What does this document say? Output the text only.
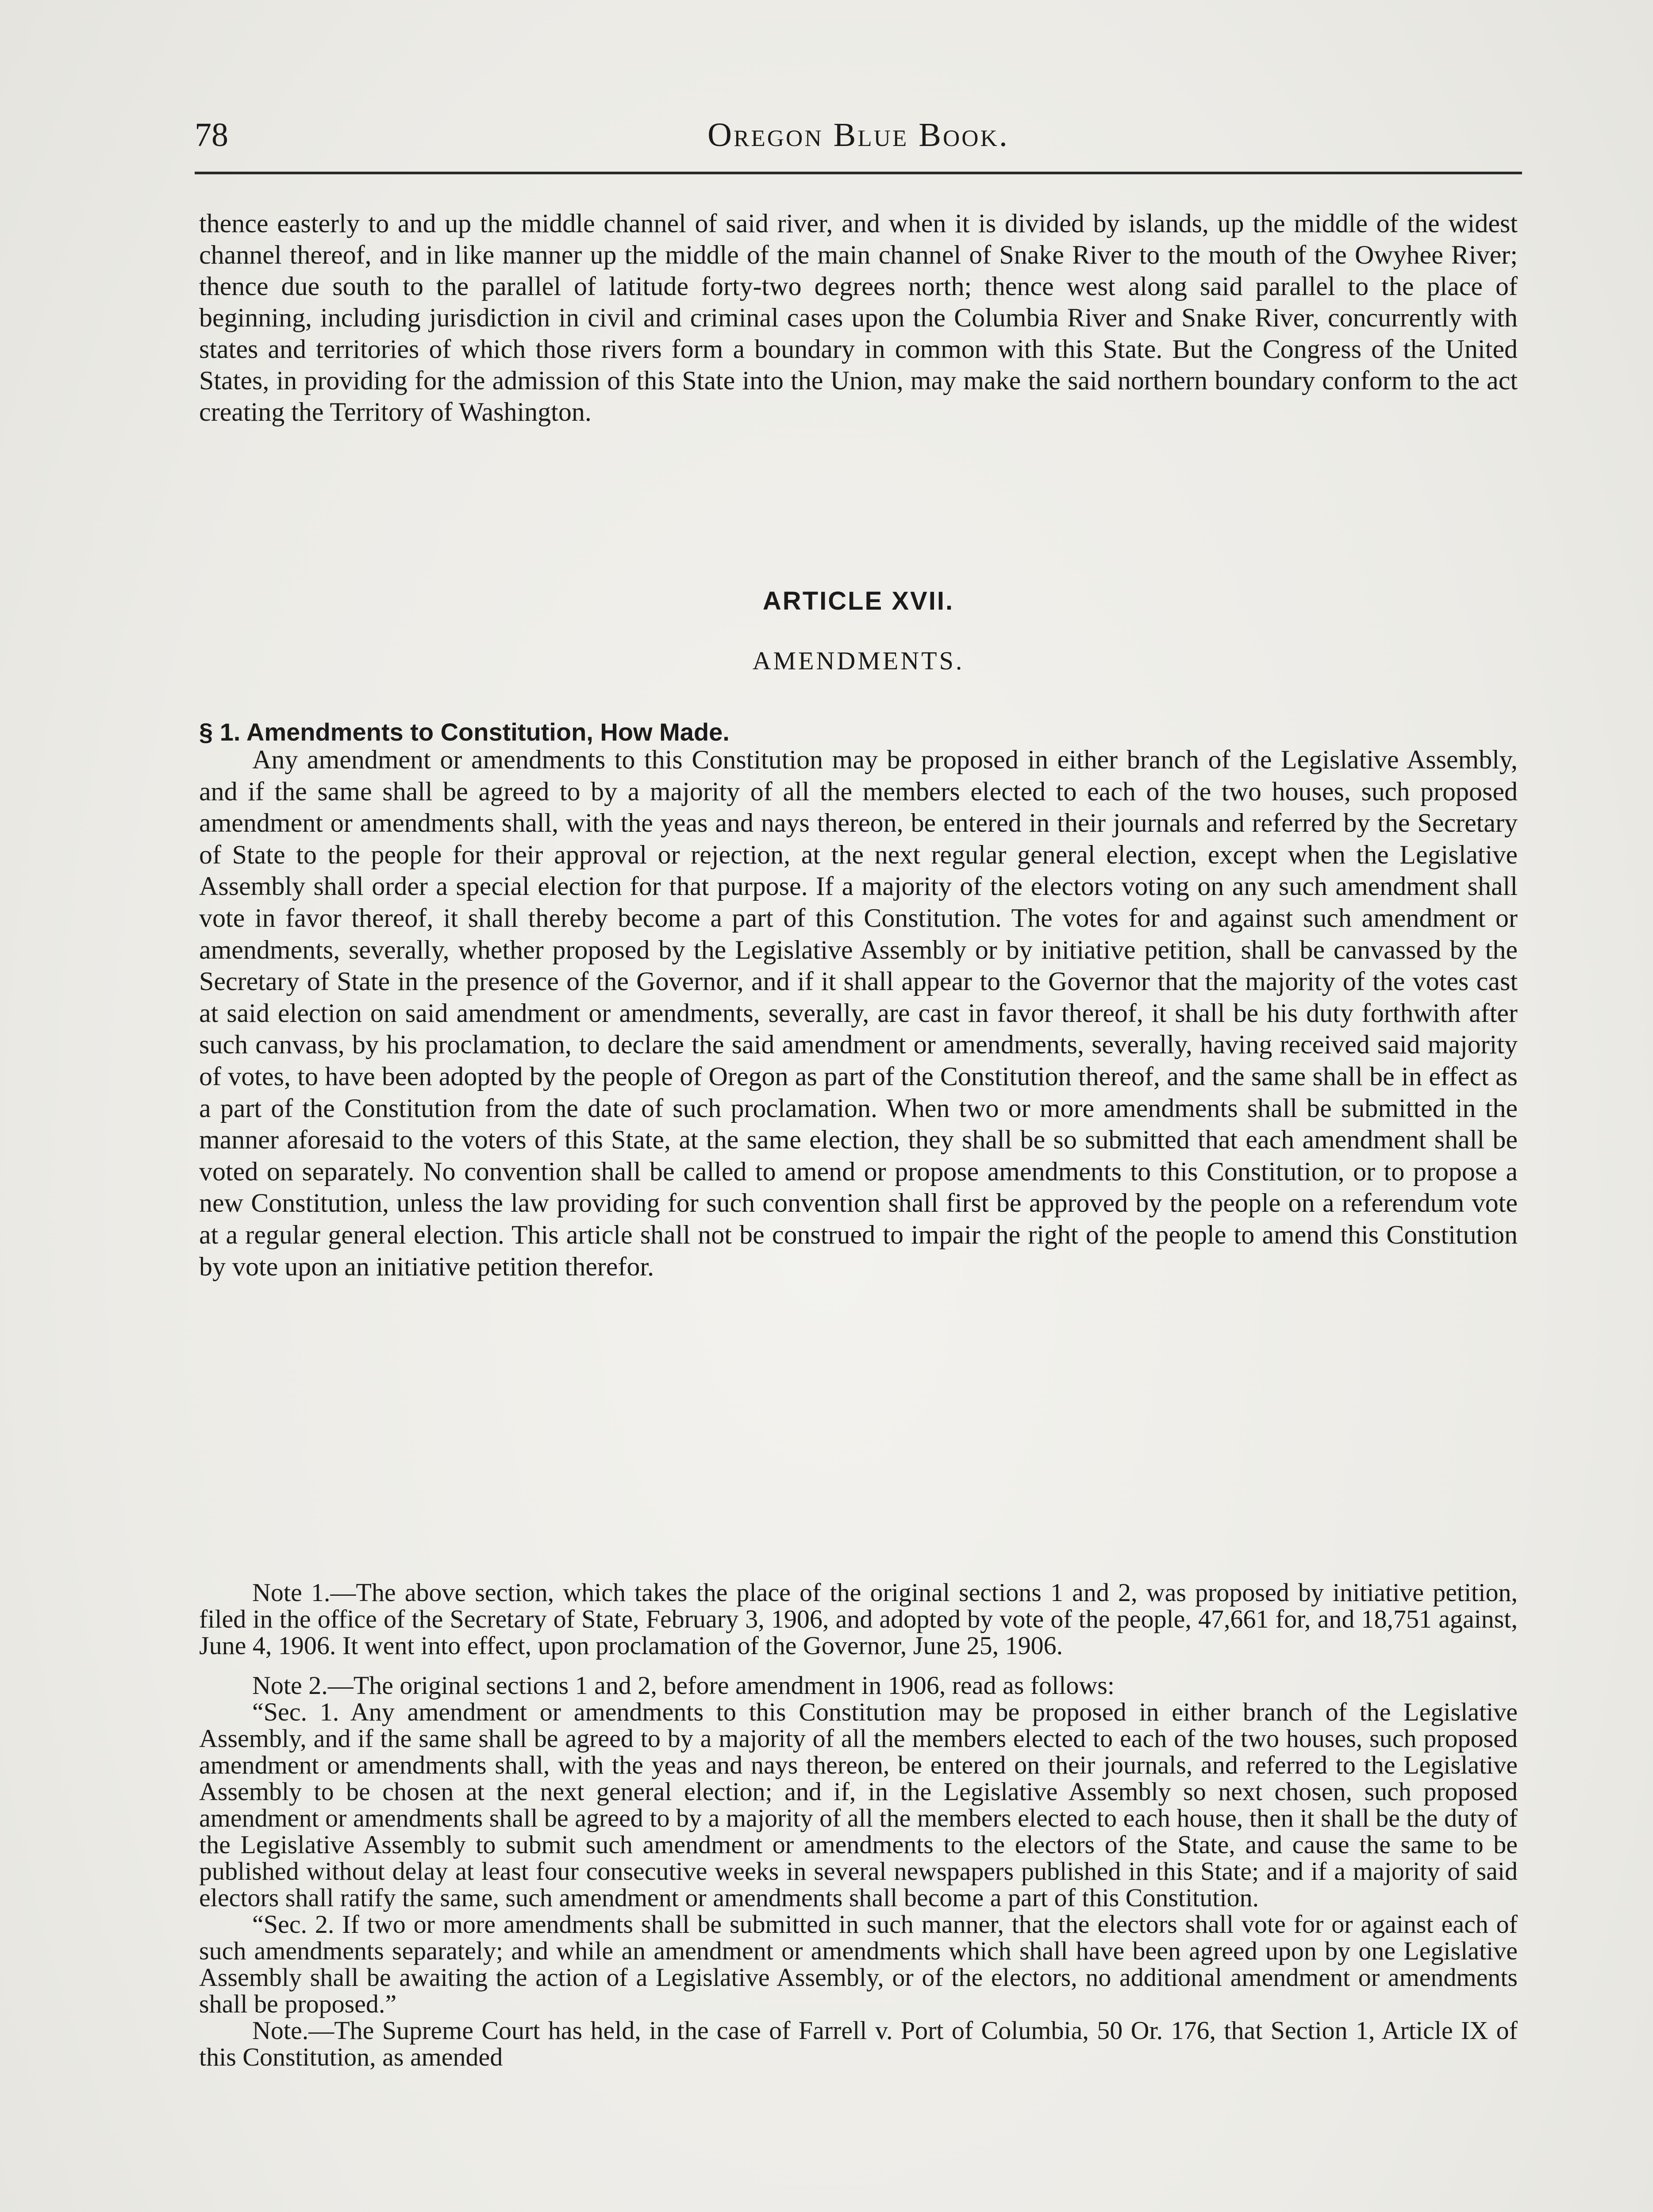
78	Oregon Blue Book.

thence easterly to and up the middle channel of said river, and when it is divided by islands, up the middle of the widest channel thereof, and in like manner up the middle of the main channel of Snake River to the mouth of the Owyhee River; thence due south to the parallel of latitude forty-two degrees north; thence west along said parallel to the place of beginning, including jurisdiction in civil and criminal cases upon the Columbia River and Snake River, concurrently with states and territories of which those rivers form a boundary in common with this State. But the Congress of the United States, in providing for the admission of this State into the Union, may make the said northern boundary conform to the act creating the Territory of Washington.

ARTICLE XVII.
AMENDMENTS.
§ 1. Amendments to Constitution, How Made.

Any amendment or amendments to this Constitution may be proposed in either branch of the Legislative Assembly, and if the same shall be agreed to by a majority of all the members elected to each of the two houses, such proposed amendment or amendments shall, with the yeas and nays thereon, be entered in their journals and referred by the Secretary of State to the people for their approval or rejection, at the next regular general election, except when the Legislative Assembly shall order a special election for that purpose. If a majority of the electors voting on any such amendment shall vote in favor thereof, it shall thereby become a part of this Constitution. The votes for and against such amendment or amendments, severally, whether proposed by the Legislative Assembly or by initiative petition, shall be canvassed by the Secretary of State in the presence of the Governor, and if it shall appear to the Governor that the majority of the votes cast at said election on said amendment or amendments, severally, are cast in favor thereof, it shall be his duty forthwith after such canvass, by his proclamation, to declare the said amendment or amendments, severally, having received said majority of votes, to have been adopted by the people of Oregon as part of the Constitution thereof, and the same shall be in effect as a part of the Constitution from the date of such proclamation. When two or more amendments shall be submitted in the manner aforesaid to the voters of this State, at the same election, they shall be so submitted that each amendment shall be voted on separately. No convention shall be called to amend or propose amendments to this Constitution, or to propose a new Constitution, unless the law providing for such convention shall first be approved by the people on a referendum vote at a regular general election. This article shall not be construed to impair the right of the people to amend this Constitution by vote upon an initiative petition therefor.

Note 1.—The above section, which takes the place of the original sections 1 and 2, was proposed by initiative petition, filed in the office of the Secretary of State, February 3, 1906, and adopted by vote of the people, 47,661 for, and 18,751 against, June 4, 1906. It went into effect, upon proclamation of the Governor, June 25, 1906.

Note 2.—The original sections 1 and 2, before amendment in 1906, read as follows:

“Sec. 1. Any amendment or amendments to this Constitution may be proposed in either branch of the Legislative Assembly, and if the same shall be agreed to by a majority of all the members elected to each of the two houses, such proposed amendment or amendments shall, with the yeas and nays thereon, be entered on their journals, and referred to the Legislative Assembly to be chosen at the next general election; and if, in the Legislative Assembly so next chosen, such proposed amendment or amendments shall be agreed to by a majority of all the members elected to each house, then it shall be the duty of the Legislative Assembly to submit such amendment or amendments to the electors of the State, and cause the same to be published without delay at least four consecutive weeks in several newspapers published in this State; and if a majority of said electors shall ratify the same, such amendment or amendments shall become a part of this Constitution.

“Sec. 2. If two or more amendments shall be submitted in such manner, that the electors shall vote for or against each of such amendments separately; and while an amendment or amendments which shall have been agreed upon by one Legislative Assembly shall be awaiting the action of a Legislative Assembly, or of the electors, no additional amendment or amendments shall be proposed.”

Note.—The Supreme Court has held, in the case of Farrell v. Port of Columbia, 50 Or. 176, that Section 1, Article IX of this Constitution, as amended
